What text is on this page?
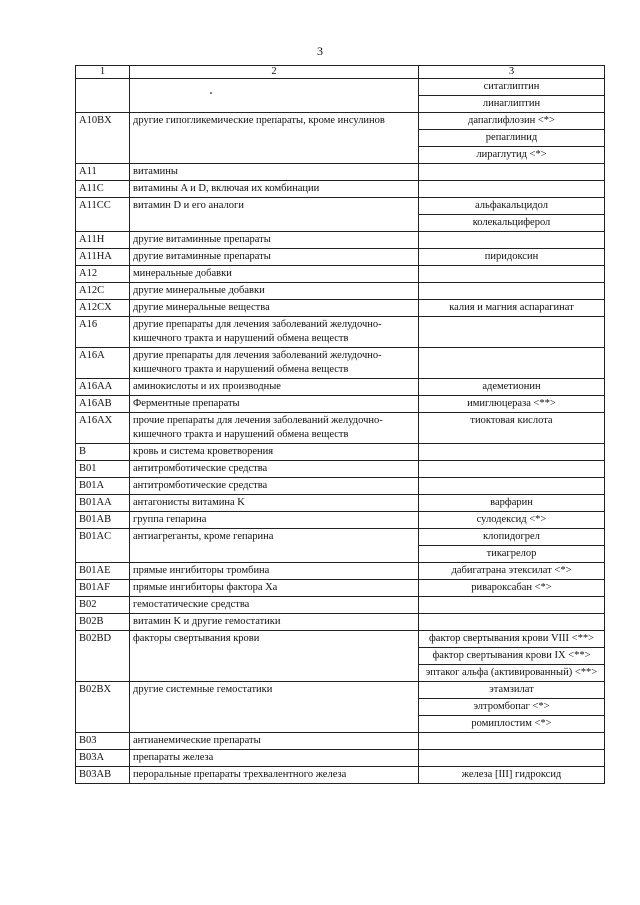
3
1	2	3

		ситаглиптин
линаглиптин

A10BX	другие гипогликемические препараты, кроме инсулинов	дапаглифлозин <*>
репаглинид
лираглутид <*>

A11	витамины	
A11C	витамины A и D, включая их комбинации	
A11CC	витамин D и его аналоги	альфакальцидол
колекальциферол

A11H	другие витаминные препараты	
A11HA	другие витаминные препараты	пиридоксин

A12	минеральные добавки	
A12C	другие минеральные добавки	
A12CX	другие минеральные вещества	калия и магния аспарагинат

A16	другие препараты для лечения заболеваний желудочно-кишечного тракта и нарушений обмена веществ	
A16A	другие препараты для лечения заболеваний желудочно-кишечного тракта и нарушений обмена веществ	
A16AA	аминокислоты и их производные	адеметионин

A16AB	Ферментные препараты	имиглюцераза <**>

A16AX	прочие препараты для лечения заболеваний желудочно-кишечного тракта и нарушений обмена веществ	тиоктовая кислота

B	кровь и система кроветворения	
B01	антитромботические средства	
B01A	антитромботические средства	
B01AA	антагонисты витамина K	варфарин

B01AB	группа гепарина	сулодексид <*>

B01AC	антиагреганты, кроме гепарина	клопидогрел
тикагрелор

B01AE	прямые ингибиторы тромбина	дабигатрана этексилат <*>

B01AF	прямые ингибиторы фактора Xa	ривароксабан <*>

B02	гемостатические средства	
B02B	витамин K и другие гемостатики	
B02BD	факторы свертывания крови	фактор свертывания крови VIII <**>
фактор свертывания крови IX <**>
эптаког альфа (активированный) <**>

B02BX	другие системные гемостатики	этамзилат
элтромбопаг <*>
ромиплостим <*>

B03	антианемические препараты	
B03A	препараты железа	
B03AB	пероральные препараты трехвалентного железа	железа [III] гидроксид
